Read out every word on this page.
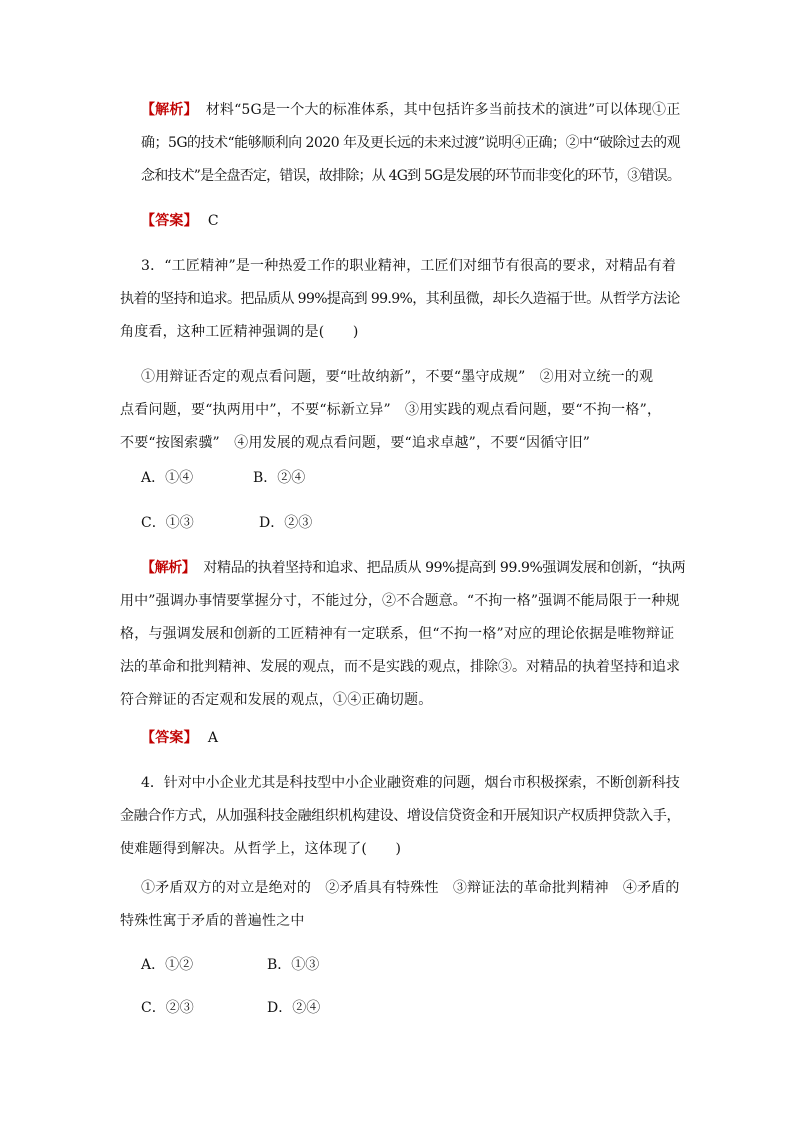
【解析】 材料“5G是一个大的标准体系，其中包括许多当前技术的演进”可以体现①正
确；5G的技术“能够顺利向 2020 年及更长远的未来过渡”说明④正确；②中“破除过去的观
念和技术”是全盘否定，错误，故排除；从 4G到 5G是发展的环节而非变化的环节，③错误。
【答案】 C
3．“工匠精神”是一种热爱工作的职业精神，工匠们对细节有很高的要求，对精品有着
执着的坚持和追求。把品质从 99%提高到 99.9%，其利虽微，却长久造福于世。从哲学方法论
角度看，这种工匠精神强调的是(　　)
①用辩证否定的观点看问题，要“吐故纳新”，不要“墨守成规”　②用对立统一的观
点看问题，要“执两用中”，不要“标新立异”　③用实践的观点看问题，要“不拘一格”，
不要“按图索骥”　④用发展的观点看问题，要“追求卓越”，不要“因循守旧”
A．①④	B．②④
C．①③	D．②③
【解析】 对精品的执着坚持和追求、把品质从 99%提高到 99.9%强调发展和创新，“执两
用中”强调办事情要掌握分寸，不能过分，②不合题意。“不拘一格”强调不能局限于一种规
格，与强调发展和创新的工匠精神有一定联系，但“不拘一格”对应的理论依据是唯物辩证
法的革命和批判精神、发展的观点，而不是实践的观点，排除③。对精品的执着坚持和追求
符合辩证的否定观和发展的观点，①④正确切题。
【答案】 A
4．针对中小企业尤其是科技型中小企业融资难的问题，烟台市积极探索，不断创新科技
金融合作方式，从加强科技金融组织机构建设、增设信贷资金和开展知识产权质押贷款入手，
使难题得到解决。从哲学上，这体现了(　　)
①矛盾双方的对立是绝对的　②矛盾具有特殊性　③辩证法的革命批判精神　④矛盾的
特殊性寓于矛盾的普遍性之中
A．①②	B．①③
C．②③	D．②④
